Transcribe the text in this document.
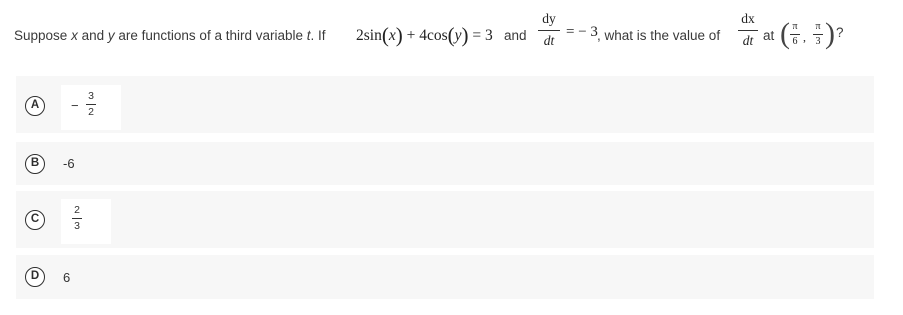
Suppose x and y are functions of a third variable t. If 2sin(x) + 4cos(y) = 3 and
dy
dt = − 3 , what is the value of
dx
dt at ( π
6 ,
π
3 ) ?
A	−
3
2
B	-6
C
2
3
D	6
